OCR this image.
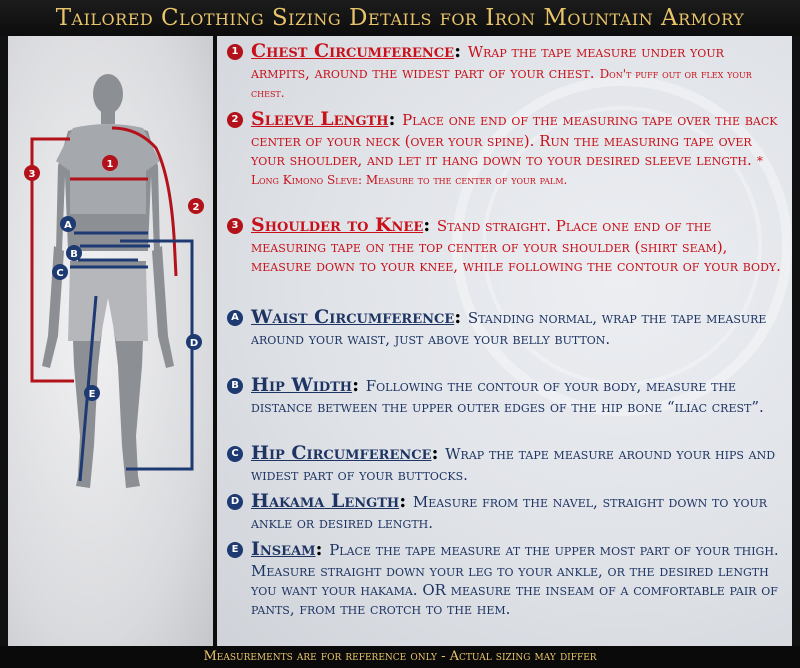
Tailored Clothing Sizing Details for Iron Mountain Armory
1
2
3
A
B
C
D
E
1 Chest Circumference: Wrap the tape measure under your armpits, around the widest part of your chest. Don't puff out or flex your chest.
2 Sleeve Length: Place one end of the measuring tape over the back center of your neck (over your spine). Run the measuring tape over your shoulder, and let it hang down to your desired sleeve length. * Long Kimono Sleve: Measure to the center of your palm.
3 Shoulder to Knee: Stand straight. Place one end of the measuring tape on the top center of your shoulder (shirt seam), measure down to your knee, while following the contour of your body.
A Waist Circumference: Standing normal, wrap the tape measure around your waist, just above your belly button.
B Hip Width: Following the contour of your body, measure the distance between the upper outer edges of the hip bone “iliac crest”.
C Hip Circumference: Wrap the tape measure around your hips and widest part of your buttocks.
D Hakama Length: Measure from the navel, straight down to your ankle or desired length.
E Inseam: Place the tape measure at the upper most part of your thigh. Measure straight down your leg to your ankle, or the desired length you want your hakama. OR measure the inseam of a comfortable pair of pants, from the crotch to the hem.
Measurements are for reference only - Actual sizing may differ
